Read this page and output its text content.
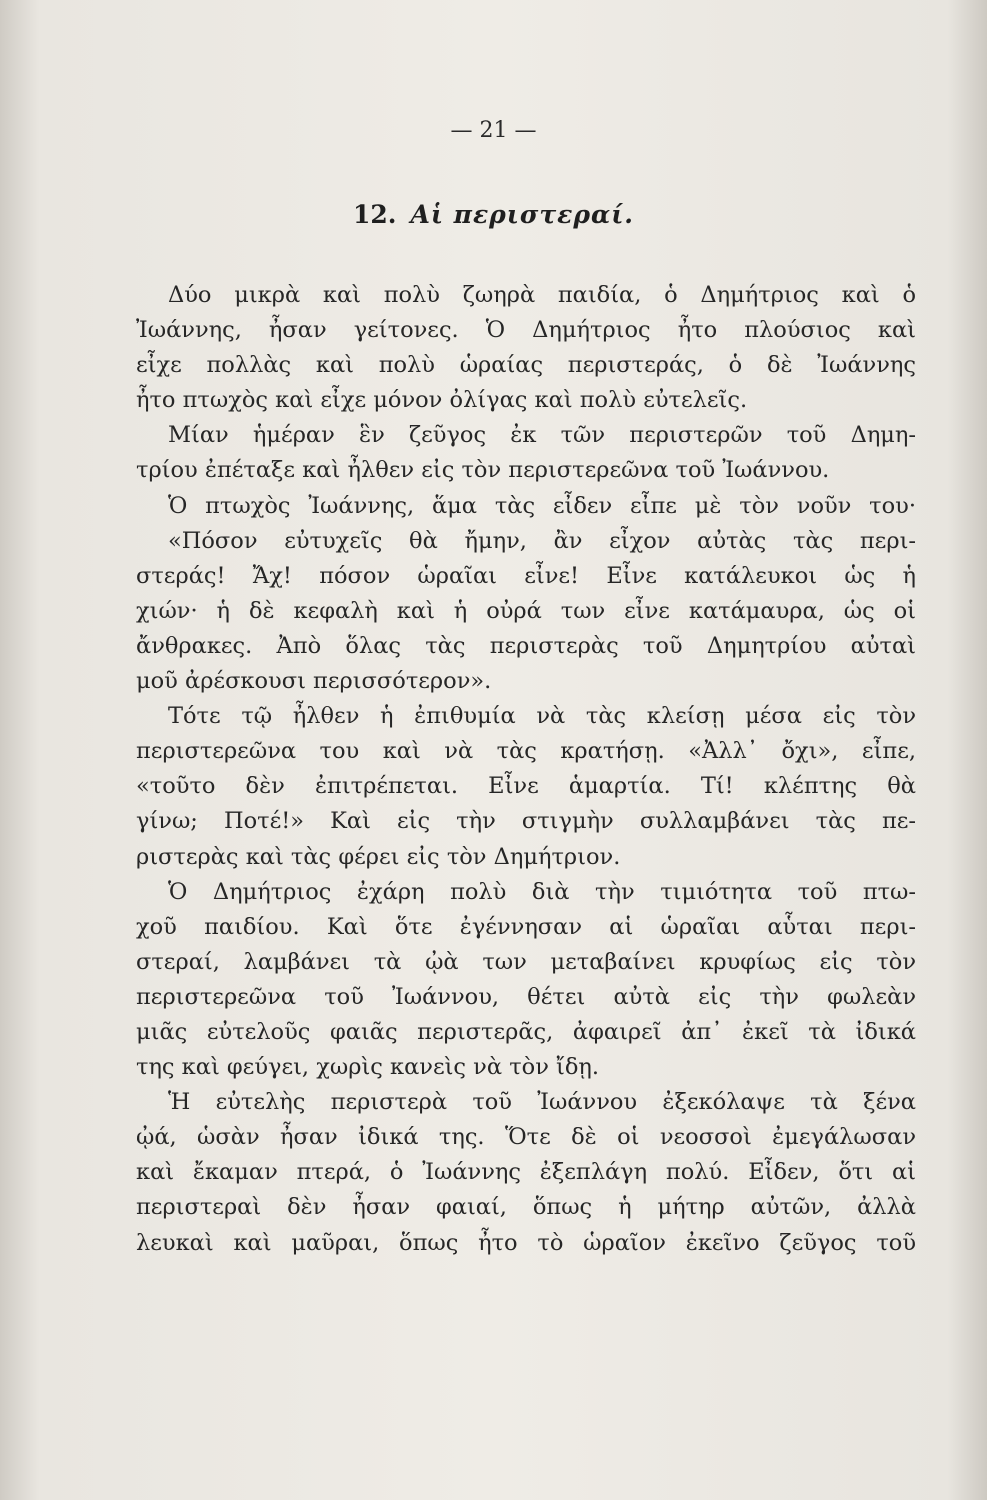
— 21 —
12. Αἱ περιστεραί.
Δύο μικρὰ καὶ πολὺ ζωηρὰ παιδία, ὁ Δημήτριος καὶ ὁ
Ἰωάννης, ἦσαν γείτονες. Ὁ Δημήτριος ἦτο πλούσιος καὶ
εἶχε πολλὰς καὶ πολὺ ὡραίας περιστεράς, ὁ δὲ Ἰωάννης
ἦτο πτωχὸς καὶ εἶχε μόνον ὀλίγας καὶ πολὺ εὐτελεῖς.
Μίαν ἡμέραν ἓν ζεῦγος ἐκ τῶν περιστερῶν τοῦ Δημη-
τρίου ἐπέταξε καὶ ἦλθεν εἰς τὸν περιστερεῶνα τοῦ Ἰωάννου.
Ὁ πτωχὸς Ἰωάννης, ἅμα τὰς εἶδεν εἶπε μὲ τὸν νοῦν του·
«Πόσον εὐτυχεῖς θὰ ἤμην, ἂν εἶχον αὐτὰς τὰς περι-
στεράς! Ἄχ! πόσον ὡραῖαι εἶνε! Εἶνε κατάλευκοι ὡς ἡ
χιών· ἡ δὲ κεφαλὴ καὶ ἡ οὐρά των εἶνε κατάμαυρα, ὡς οἱ
ἄνθρακες. Ἀπὸ ὅλας τὰς περιστερὰς τοῦ Δημητρίου αὐταὶ
μοῦ ἀρέσκουσι περισσότερον».
Τότε τῷ ἦλθεν ἡ ἐπιθυμία νὰ τὰς κλείσῃ μέσα εἰς τὸν
περιστερεῶνα του καὶ νὰ τὰς κρατήσῃ. «Ἀλλ᾽ ὄχι», εἶπε,
«τοῦτο δὲν ἐπιτρέπεται. Εἶνε ἁμαρτία. Τί! κλέπτης θὰ
γίνω; Ποτέ!» Καὶ εἰς τὴν στιγμὴν συλλαμβάνει τὰς πε-
ριστερὰς καὶ τὰς φέρει εἰς τὸν Δημήτριον.
Ὁ Δημήτριος ἐχάρη πολὺ διὰ τὴν τιμιότητα τοῦ πτω-
χοῦ παιδίου. Καὶ ὅτε ἐγέννησαν αἱ ὡραῖαι αὗται περι-
στεραί, λαμβάνει τὰ ᾠὰ των μεταβαίνει κρυφίως εἰς τὸν
περιστερεῶνα τοῦ Ἰωάννου, θέτει αὐτὰ εἰς τὴν φωλεὰν
μιᾶς εὐτελοῦς φαιᾶς περιστερᾶς, ἀφαιρεῖ ἀπ᾽ ἐκεῖ τὰ ἰδικά
της καὶ φεύγει, χωρὶς κανεὶς νὰ τὸν ἴδῃ.
Ἡ εὐτελὴς περιστερὰ τοῦ Ἰωάννου ἐξεκόλαψε τὰ ξένα
ᾠά, ὡσὰν ἦσαν ἰδικά της. Ὅτε δὲ οἱ νεοσσοὶ ἐμεγάλωσαν
καὶ ἔκαμαν πτερά, ὁ Ἰωάννης ἐξεπλάγη πολύ. Εἶδεν, ὅτι αἱ
περιστεραὶ δὲν ἦσαν φαιαί, ὅπως ἡ μήτηρ αὐτῶν, ἀλλὰ
λευκαὶ καὶ μαῦραι, ὅπως ἦτο τὸ ὡραῖον ἐκεῖνο ζεῦγος τοῦ
